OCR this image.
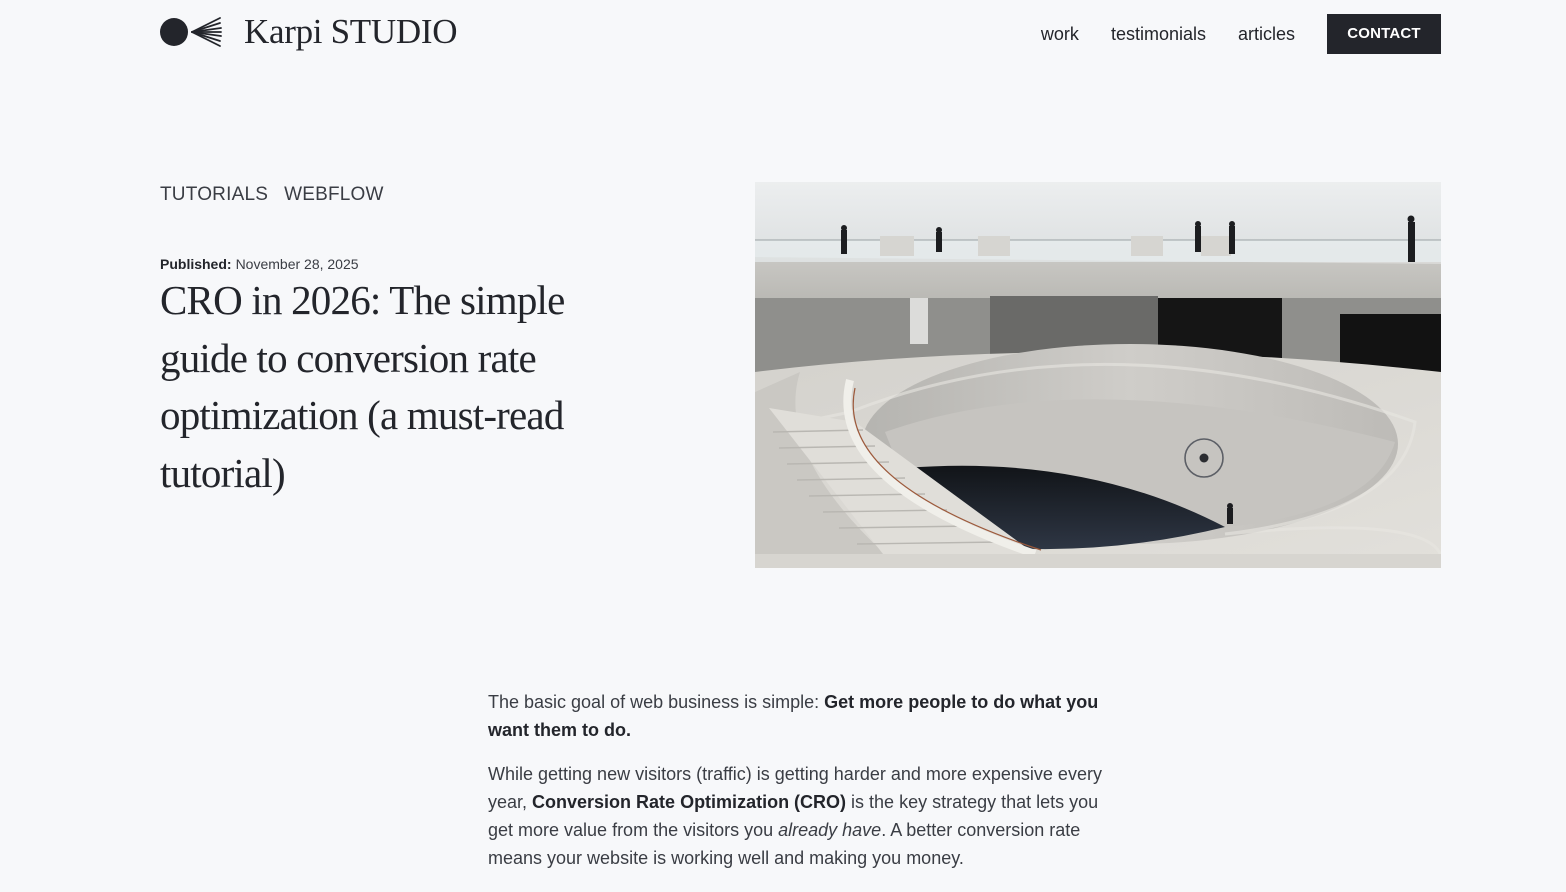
Karpi STUDIO	work testimonials articles	CONTACT
TUTORIALS WEBFLOW
Published: November 28, 2025
CRO in 2026: The simple guide to conversion rate optimization (a must-read tutorial)

The basic goal of web business is simple: Get more people to do what you want them to do.

While getting new visitors (traffic) is getting harder and more expensive every year, Conversion Rate Optimization (CRO) is the key strategy that lets you get more value from the visitors you already have. A better conversion rate means your website is working well and making you money.
